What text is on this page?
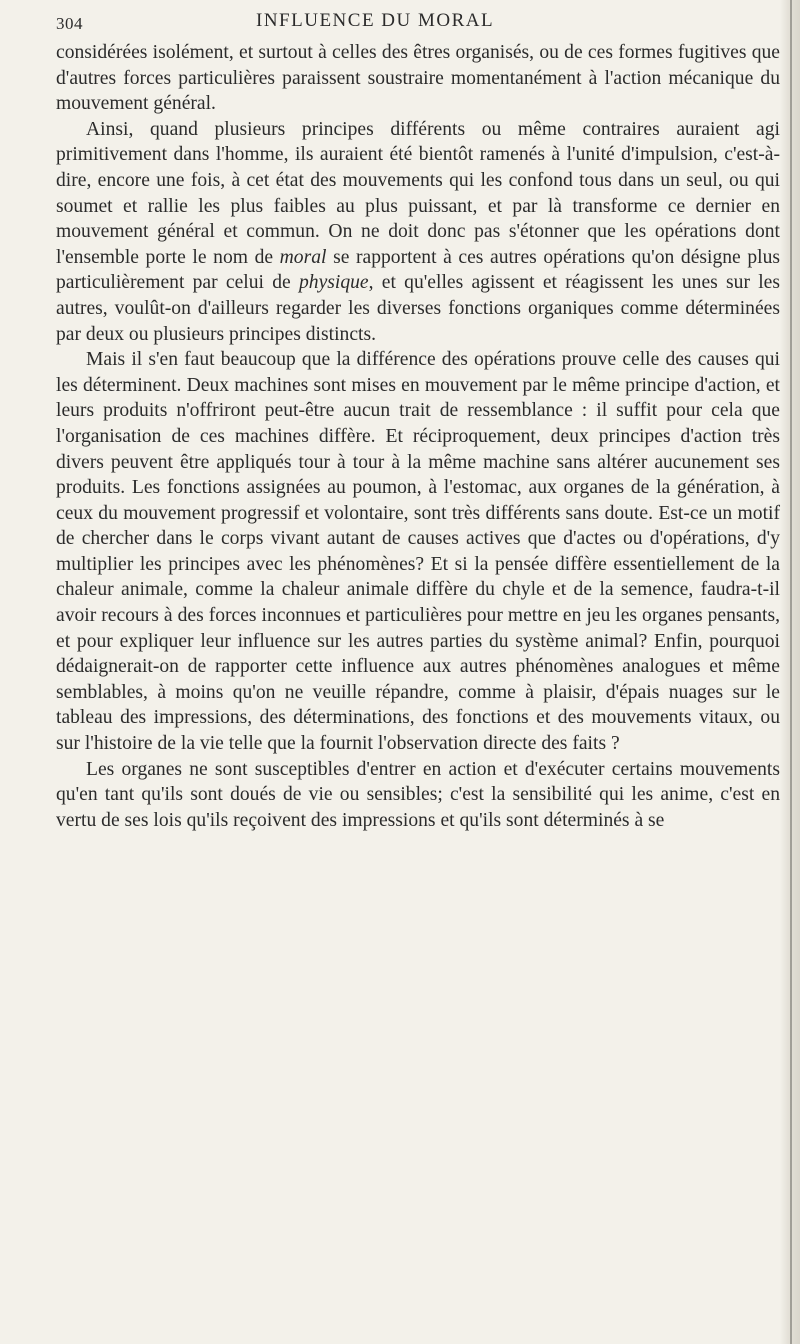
304	INFLUENCE DU MORAL

considérées isolément, et surtout à celles des êtres organisés, ou de ces formes fugitives que d'autres forces particulières paraissent soustraire momentanément à l'action mécanique du mouvement général.

Ainsi, quand plusieurs principes différents ou même contraires auraient agi primitivement dans l'homme, ils auraient été bientôt ramenés à l'unité d'impulsion, c'est-à-dire, encore une fois, à cet état des mouvements qui les confond tous dans un seul, ou qui soumet et rallie les plus faibles au plus puissant, et par là transforme ce dernier en mouvement général et commun. On ne doit donc pas s'étonner que les opérations dont l'ensemble porte le nom de moral se rapportent à ces autres opérations qu'on désigne plus particulièrement par celui de physique, et qu'elles agissent et réagissent les unes sur les autres, voulût-on d'ailleurs regarder les diverses fonctions organiques comme déterminées par deux ou plusieurs principes distincts.

Mais il s'en faut beaucoup que la différence des opérations prouve celle des causes qui les déterminent. Deux machines sont mises en mouvement par le même principe d'action, et leurs produits n'offriront peut-être aucun trait de ressemblance : il suffit pour cela que l'organisation de ces machines diffère. Et réciproquement, deux principes d'action très divers peuvent être appliqués tour à tour à la même machine sans altérer aucunement ses produits. Les fonctions assignées au poumon, à l'estomac, aux organes de la génération, à ceux du mouvement progressif et volontaire, sont très différents sans doute. Est-ce un motif de chercher dans le corps vivant autant de causes actives que d'actes ou d'opérations, d'y multiplier les principes avec les phénomènes? Et si la pensée diffère essentiellement de la chaleur animale, comme la chaleur animale diffère du chyle et de la semence, faudra-t-il avoir recours à des forces inconnues et particulières pour mettre en jeu les organes pensants, et pour expliquer leur influence sur les autres parties du système animal? Enfin, pourquoi dédaignerait-on de rapporter cette influence aux autres phénomènes analogues et même semblables, à moins qu'on ne veuille répandre, comme à plaisir, d'épais nuages sur le tableau des impressions, des déterminations, des fonctions et des mouvements vitaux, ou sur l'histoire de la vie telle que la fournit l'observation directe des faits ?

Les organes ne sont susceptibles d'entrer en action et d'exécuter certains mouvements qu'en tant qu'ils sont doués de vie ou sensibles; c'est la sensibilité qui les anime, c'est en vertu de ses lois qu'ils reçoivent des impressions et qu'ils sont déterminés à se
